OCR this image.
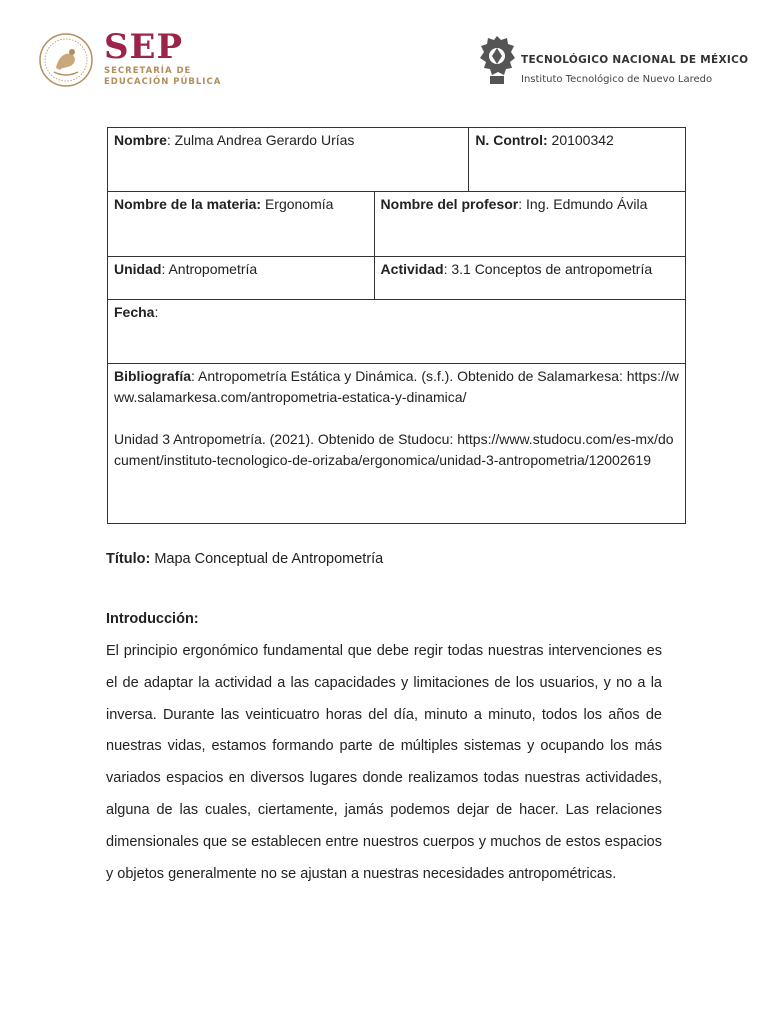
SEP
SECRETARÍA DE
EDUCACIÓN PÚBLICA
TECNOLÓGICO NACIONAL DE MÉXICO
Instituto Tecnológico de Nuevo Laredo
Nombre: Zulma Andrea Gerardo Urías		N. Control: 20100342
Nombre de la materia: Ergonomía	Nombre del profesor: Ing. Edmundo Ávila	
Unidad: Antropometría	Actividad: 3.1 Conceptos de antropometría	
Fecha:		

Bibliografía: Antropometría Estática y Dinámica. (s.f.). Obtenido de Salamarkesa: https://www.salamarkesa.com/antropometria-estatica-y-dinamica/
Unidad 3 Antropometría. (2021). Obtenido de Studocu: https://www.studocu.com/es-mx/document/instituto-tecnologico-de-orizaba/ergonomica/unidad-3-antropometria/12002619		

Título: Mapa Conceptual de Antropometría

Introducción:

El principio ergonómico fundamental que debe regir todas nuestras intervenciones es el de adaptar la actividad a las capacidades y limitaciones de los usuarios, y no a la inversa. Durante las veinticuatro horas del día, minuto a minuto, todos los años de nuestras vidas, estamos formando parte de múltiples sistemas y ocupando los más variados espacios en diversos lugares donde realizamos todas nuestras actividades, alguna de las cuales, ciertamente, jamás podemos dejar de hacer. Las relaciones dimensionales que se establecen entre nuestros cuerpos y muchos de estos espacios y objetos generalmente no se ajustan a nuestras necesidades antropométricas.
